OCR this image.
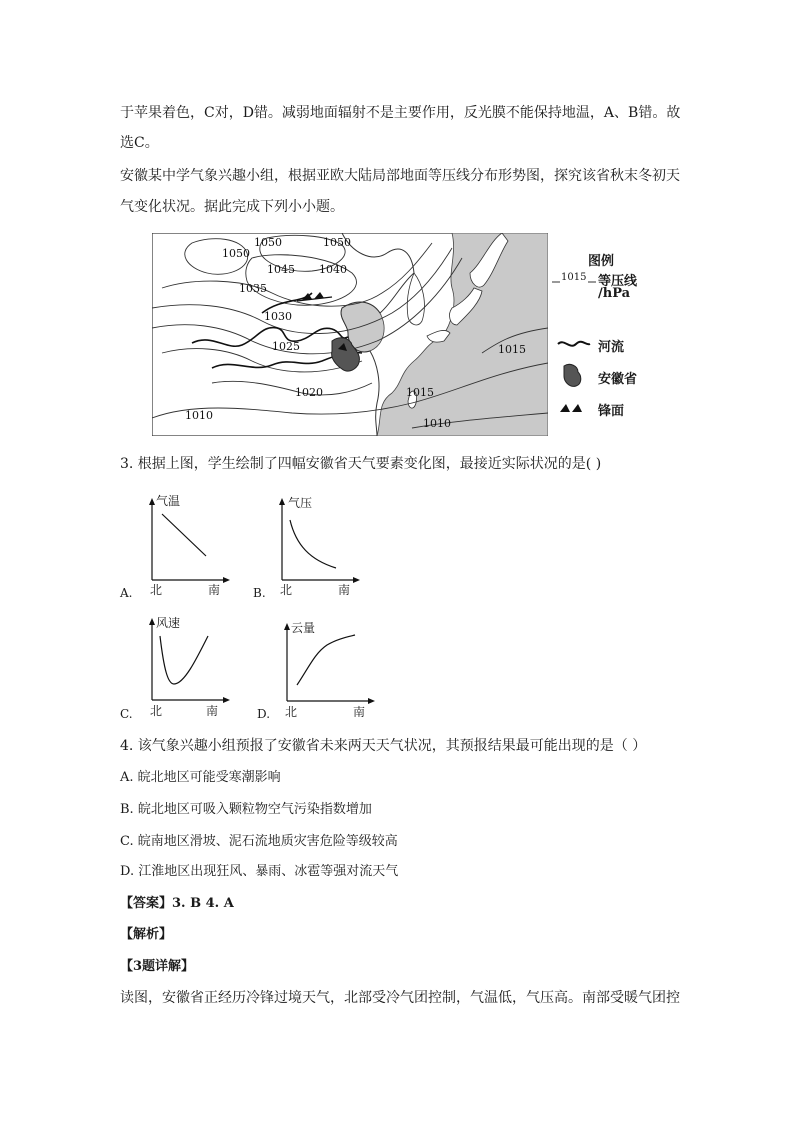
于苹果着色，C对，D错。减弱地面辐射不是主要作用，反光膜不能保持地温，A、B错。故
选C。
安徽某中学气象兴趣小组，根据亚欧大陆局部地面等压线分布形势图，探究该省秋末冬初天
气变化状况。据此完成下列小小题。
1050	1050
1050
1045 1040
1035
1030
1025
1020
1010
1015
1015
1010
图例
1015 等压线
/hPa
河流
安徽省
锋面
3. 根据上图，学生绘制了四幅安徽省天气要素变化图，最接近实际状况的是( )
气温
北	南
A.
气压
北	南
B.
风速
北	南
C.
云量
北	南
D.
4. 该气象兴趣小组预报了安徽省未来两天天气状况，其预报结果最可能出现的是（ ）
A. 皖北地区可能受寒潮影响
B. 皖北地区可吸入颗粒物空气污染指数增加
C. 皖南地区滑坡、泥石流地质灾害危险等级较高
D. 江淮地区出现狂风、暴雨、冰雹等强对流天气
【答案】3. B 4. A
【解析】
【3题详解】
读图，安徽省正经历冷锋过境天气，北部受冷气团控制，气温低，气压高。南部受暖气团控
